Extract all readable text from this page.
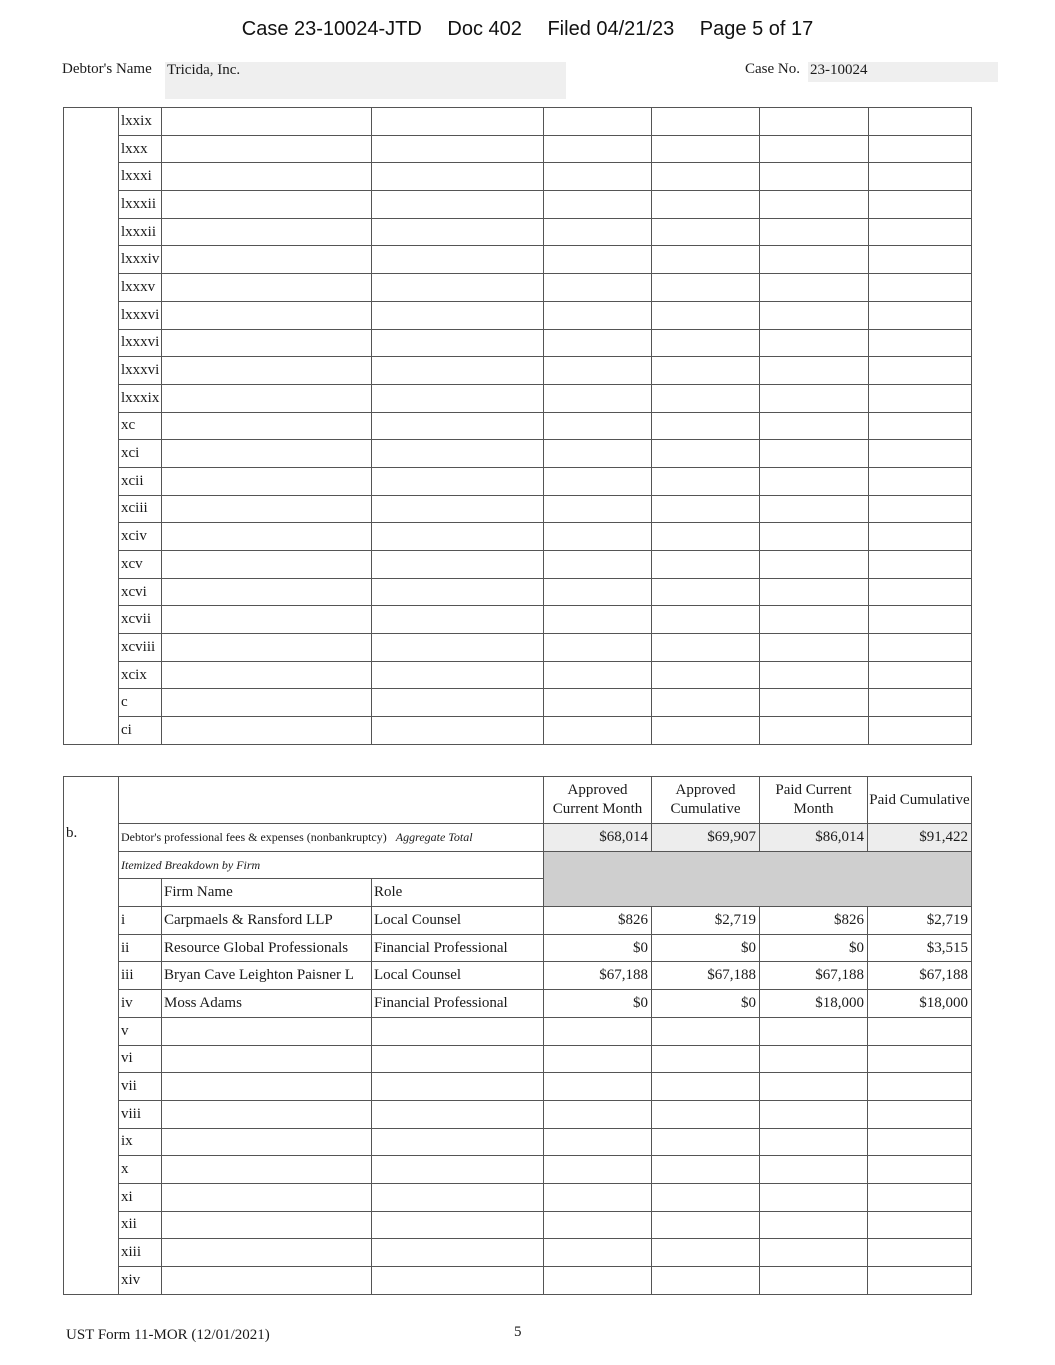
Case 23-10024-JTD Doc 402 Filed 04/21/23 Page 5 of 17
Debtor's Name Tricida, Inc.	Case No. 23-10024
	lxxix						
	lxxx						
	lxxxi						
	lxxxii						
	lxxxii						
	lxxxiv						
	lxxxv						
	lxxxvi						
	lxxxvi						
	lxxxvi						
	lxxxix						
	xc						
	xci						
	xcii						
	xciii						
	xciv						
	xcv						
	xcvi						
	xcvii						
	xcviii						
	xcix						
	c						
	ci						
b.				Approved Current Month	Approved Cumulative	Paid Current Month	Paid Cumulative
	Debtor's professional fees & expenses (nonbankruptcy) Aggregate Total			$68,014	$69,907	$86,014	$91,422
	Itemized Breakdown by Firm						
		Firm Name	Role				
	i	Carpmaels & Ransford LLP	Local Counsel	$826	$2,719	$826	$2,719
	ii	Resource Global Professionals	Financial Professional	$0	$0	$0	$3,515
	iii	Bryan Cave Leighton Paisner L	Local Counsel	$67,188	$67,188	$67,188	$67,188
	iv	Moss Adams	Financial Professional	$0	$0	$18,000	$18,000
	v						
	vi						
	vii						
	viii						
	ix						
	x						
	xi						
	xii						
	xiii						
	xiv						
UST Form 11-MOR (12/01/2021)	5
